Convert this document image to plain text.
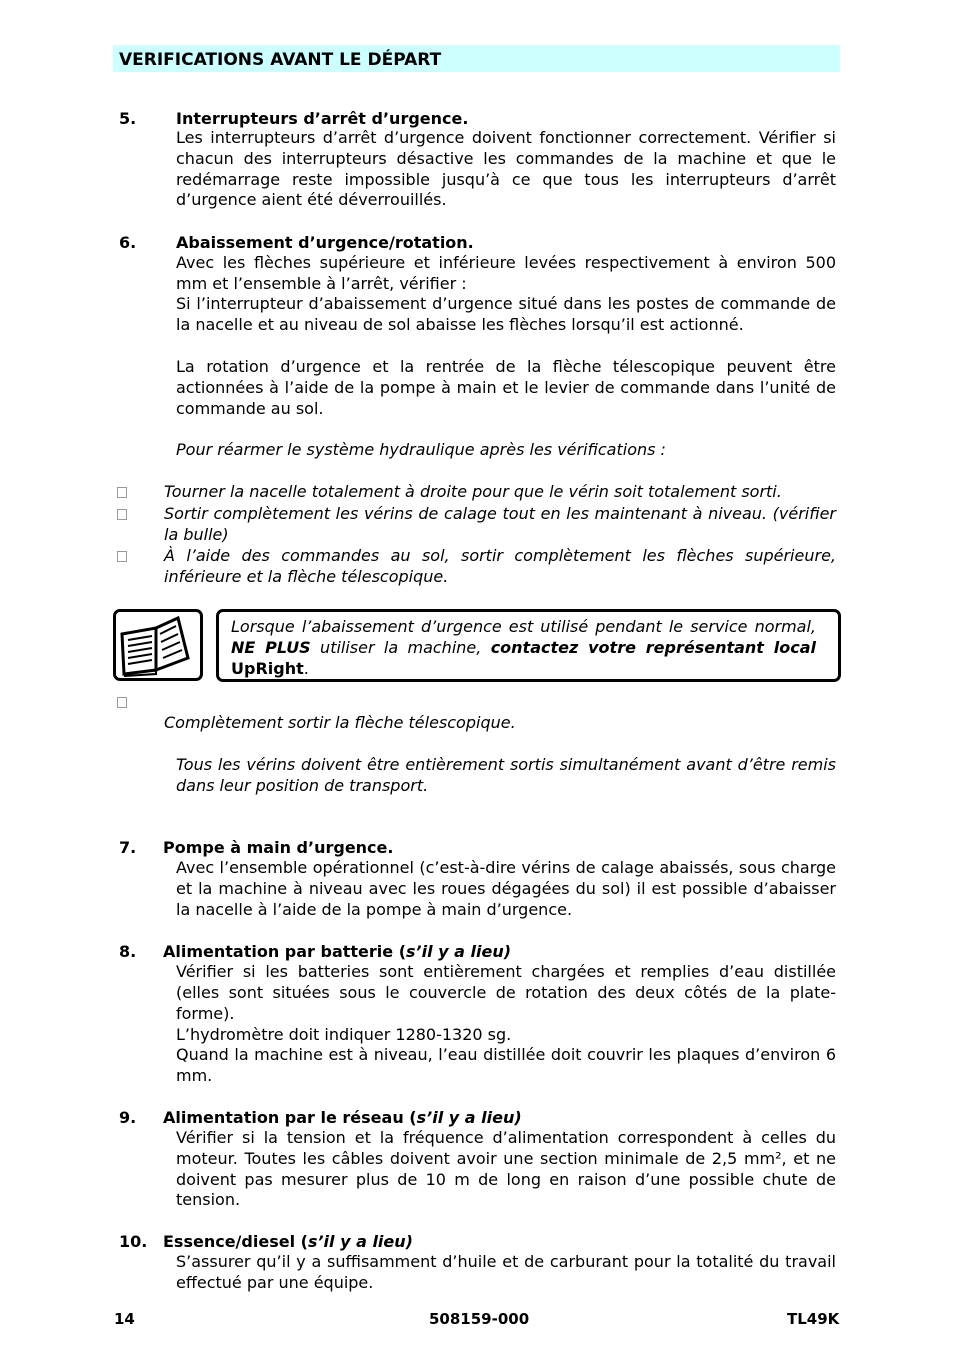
VERIFICATIONS AVANT LE DÉPART
5. Interrupteurs d’arrêt d’urgence.

Les interrupteurs d’arrêt d’urgence doivent fonctionner correctement. Vérifier si chacun des interrupteurs désactive les commandes de la machine et que le redémarrage reste impossible jusqu’à ce que tous les interrupteurs d’arrêt d’urgence aient été déverrouillés.

6. Abaissement d’urgence/rotation.

Avec les flèches supérieure et inférieure levées respectivement à environ 500 mm et l’ensemble à l’arrêt, vérifier :

Si l’interrupteur d’abaissement d’urgence situé dans les postes de commande de la nacelle et au niveau de sol abaisse les flèches lorsqu’il est actionné.

La rotation d’urgence et la rentrée de la flèche télescopique peuvent être actionnées à l’aide de la pompe à main et le levier de commande dans l’unité de commande au sol.

Pour réarmer le système hydraulique après les vérifications :

Tourner la nacelle totalement à droite pour que le vérin soit totalement sorti.

Sortir complètement les vérins de calage tout en les maintenant à niveau. (vérifier la bulle)

À l’aide des commandes au sol, sortir complètement les flèches supérieure, inférieure et la flèche télescopique.

Lorsque l’abaissement d’urgence est utilisé pendant le service normal, NE PLUS utiliser la machine, contactez votre représentant local UpRight.

Complètement sortir la flèche télescopique.

Tous les vérins doivent être entièrement sortis simultanément avant d’être remis dans leur position de transport.

7. Pompe à main d’urgence.

Avec l’ensemble opérationnel (c’est-à-dire vérins de calage abaissés, sous charge et la machine à niveau avec les roues dégagées du sol) il est possible d’abaisser la nacelle à l’aide de la pompe à main d’urgence.

8. Alimentation par batterie (s’il y a lieu)

Vérifier si les batteries sont entièrement chargées et remplies d’eau distillée (elles sont situées sous le couvercle de rotation des deux côtés de la plate-forme).

L’hydromètre doit indiquer 1280-1320 sg.

Quand la machine est à niveau, l’eau distillée doit couvrir les plaques d’environ 6 mm.

9. Alimentation par le réseau (s’il y a lieu)

Vérifier si la tension et la fréquence d’alimentation correspondent à celles du moteur. Toutes les câbles doivent avoir une section minimale de 2,5 mm², et ne doivent pas mesurer plus de 10 m de long en raison d’une possible chute de tension.

10. Essence/diesel (s’il y a lieu)

S’assurer qu’il y a suffisamment d’huile et de carburant pour la totalité du travail effectué par une équipe.

14	508159-000	TL49K
